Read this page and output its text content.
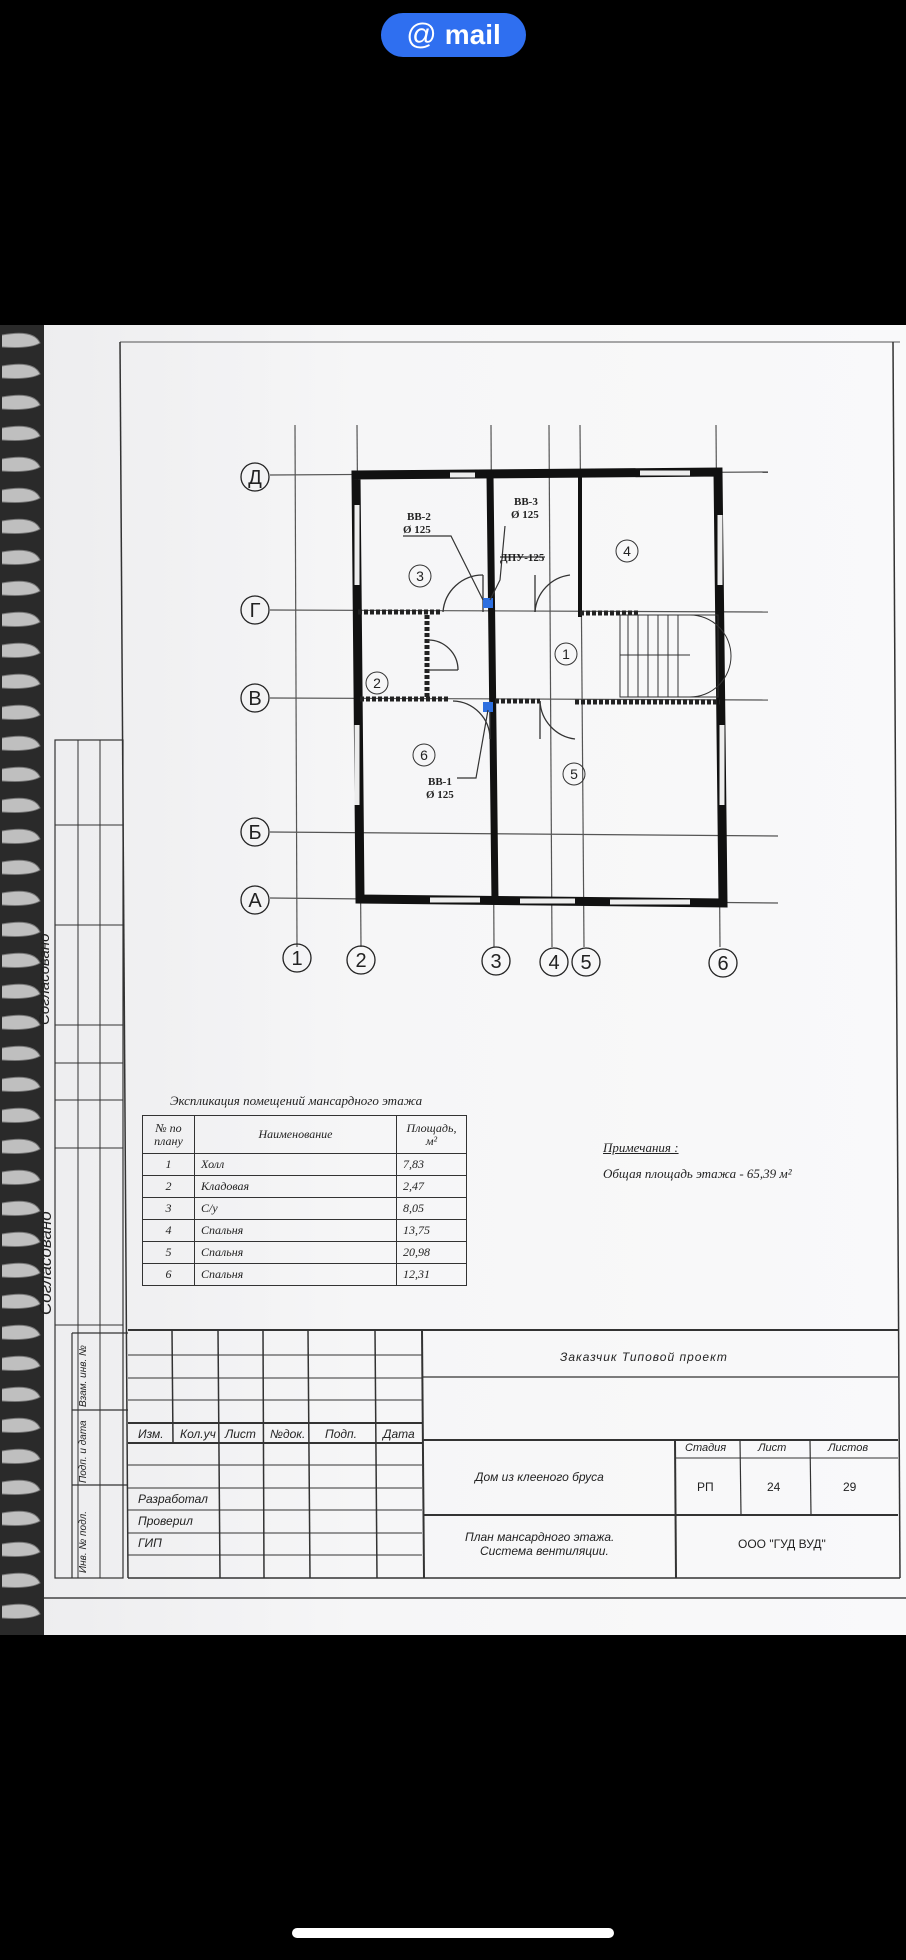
@ mail
Д
Г
В
Б
А
1	2	3 4 5	6
1
2
3
4
5
6
ВВ-2
Ø 125
ВВ-3
Ø 125
ДПУ-125
ВВ-1
Ø 125
Экспликация помещений мансардного этажа
№ по плану	Наименование	Площадь, м²
1	Холл	7,83
2	Кладовая	2,47
3	С/у	8,05
4	Спальня	13,75
5	Спальня	20,98
6	Спальня	12,31
Примечания :
Общая площадь этажа - 65,39 м²
Согласовано
Согласовано
Взам. инв. №
Подп. и дата
Инв. № подл.
Изм. Кол.уч Лист №док. Подп. Дата
Разработал
Проверил
ГИП
Заказчик Типовой проект
Дом из клееного бруса
План мансардного этажа.
Система вентиляции.
Стадия	Лист	Листов
РП	24	29
ООО "ГУД ВУД"
